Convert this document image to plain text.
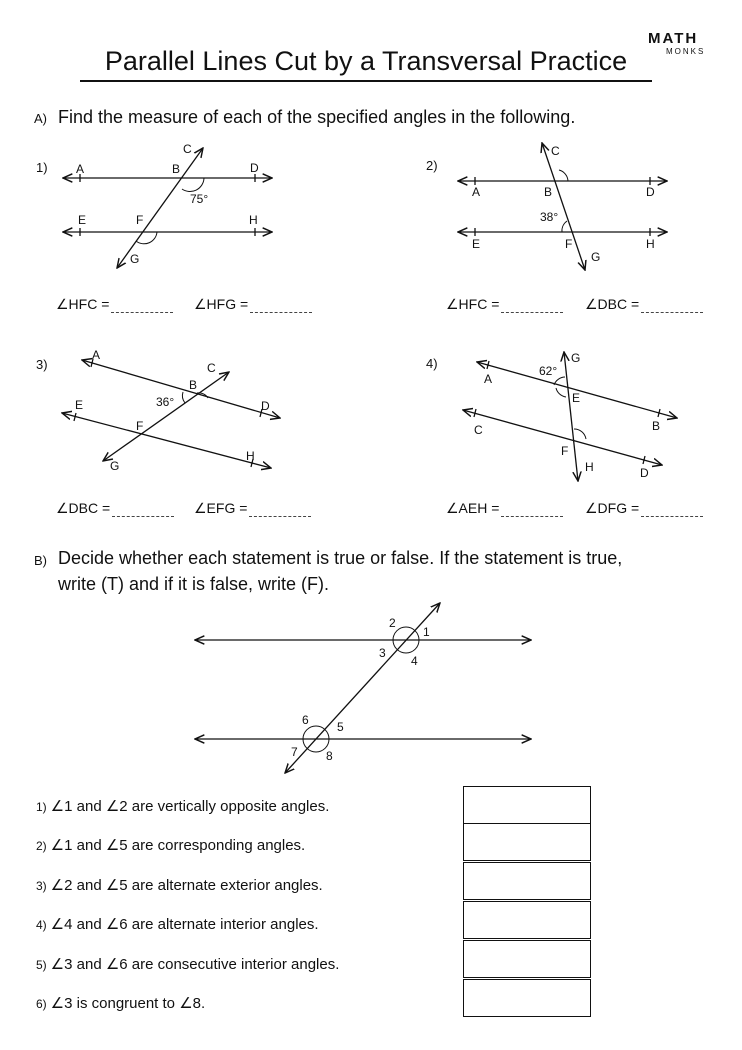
Parallel Lines Cut by a Transversal Practice
MATH
MONKS
A) Find the measure of each of the specified angles in the following.
1)	2)
3)	4)
C
A	B	D
75°
E	F	H
G
C
A	B	D
38°
E	F	H
G
A
C
B
36°
E	D
F
G
H
G
62°
A
E
B
C
F
H	D
2
1
3
4
6 5
7 8
∠HFC =	∠HFG =	∠HFC =	∠DBC =
∠DBC =	∠EFG =	∠AEH =	∠DFG =
B) Decide whether each statement is true or false. If the statement is true,
write (T) and if it is false, write (F).
1) ∠1 and ∠2 are vertically opposite angles.
2) ∠1 and ∠5 are corresponding angles.
3) ∠2 and ∠5 are alternate exterior angles.
4) ∠4 and ∠6 are alternate interior angles.
5) ∠3 and ∠6 are consecutive interior angles.
6) ∠3 is congruent to ∠8.
